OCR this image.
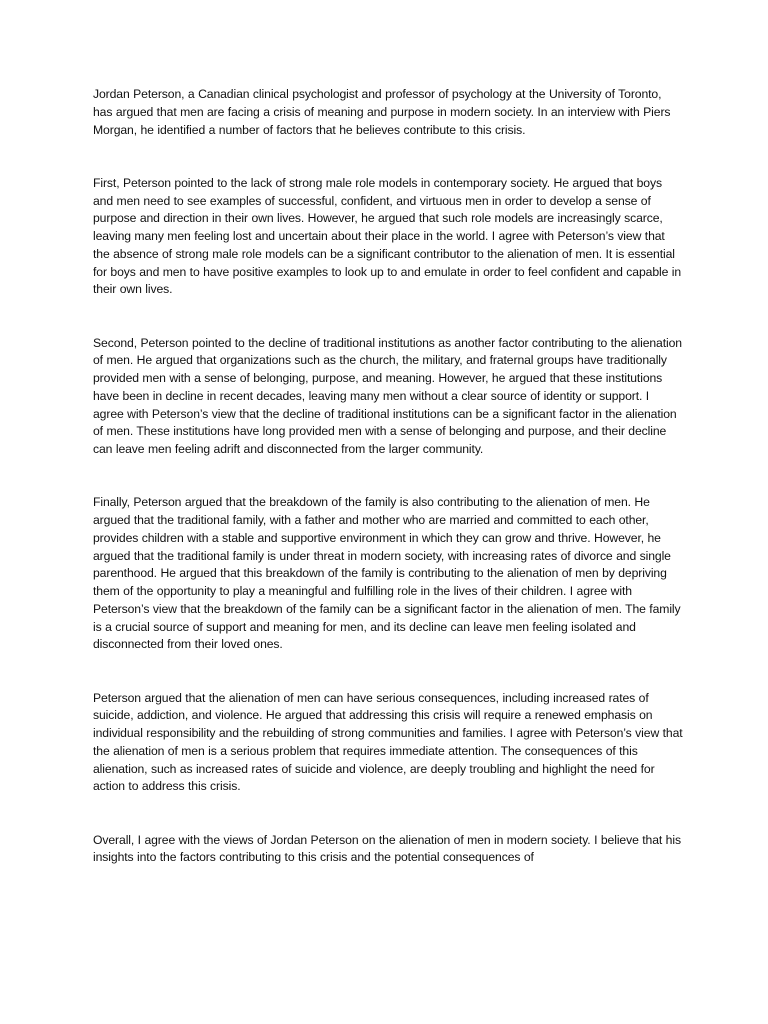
Jordan Peterson, a Canadian clinical psychologist and professor of psychology at the University of Toronto, has argued that men are facing a crisis of meaning and purpose in modern society. In an interview with Piers Morgan, he identified a number of factors that he believes contribute to this crisis.

First, Peterson pointed to the lack of strong male role models in contemporary society. He argued that boys and men need to see examples of successful, confident, and virtuous men in order to develop a sense of purpose and direction in their own lives. However, he argued that such role models are increasingly scarce, leaving many men feeling lost and uncertain about their place in the world. I agree with Peterson’s view that the absence of strong male role models can be a significant contributor to the alienation of men. It is essential for boys and men to have positive examples to look up to and emulate in order to feel confident and capable in their own lives.

Second, Peterson pointed to the decline of traditional institutions as another factor contributing to the alienation of men. He argued that organizations such as the church, the military, and fraternal groups have traditionally provided men with a sense of belonging, purpose, and meaning. However, he argued that these institutions have been in decline in recent decades, leaving many men without a clear source of identity or support. I agree with Peterson’s view that the decline of traditional institutions can be a significant factor in the alienation of men. These institutions have long provided men with a sense of belonging and purpose, and their decline can leave men feeling adrift and disconnected from the larger community.

Finally, Peterson argued that the breakdown of the family is also contributing to the alienation of men. He argued that the traditional family, with a father and mother who are married and committed to each other, provides children with a stable and supportive environment in which they can grow and thrive. However, he argued that the traditional family is under threat in modern society, with increasing rates of divorce and single parenthood. He argued that this breakdown of the family is contributing to the alienation of men by depriving them of the opportunity to play a meaningful and fulfilling role in the lives of their children. I agree with Peterson’s view that the breakdown of the family can be a significant factor in the alienation of men. The family is a crucial source of support and meaning for men, and its decline can leave men feeling isolated and disconnected from their loved ones.

Peterson argued that the alienation of men can have serious consequences, including increased rates of suicide, addiction, and violence. He argued that addressing this crisis will require a renewed emphasis on individual responsibility and the rebuilding of strong communities and families. I agree with Peterson’s view that the alienation of men is a serious problem that requires immediate attention. The consequences of this alienation, such as increased rates of suicide and violence, are deeply troubling and highlight the need for action to address this crisis.

Overall, I agree with the views of Jordan Peterson on the alienation of men in modern society. I believe that his insights into the factors contributing to this crisis and the potential consequences of
